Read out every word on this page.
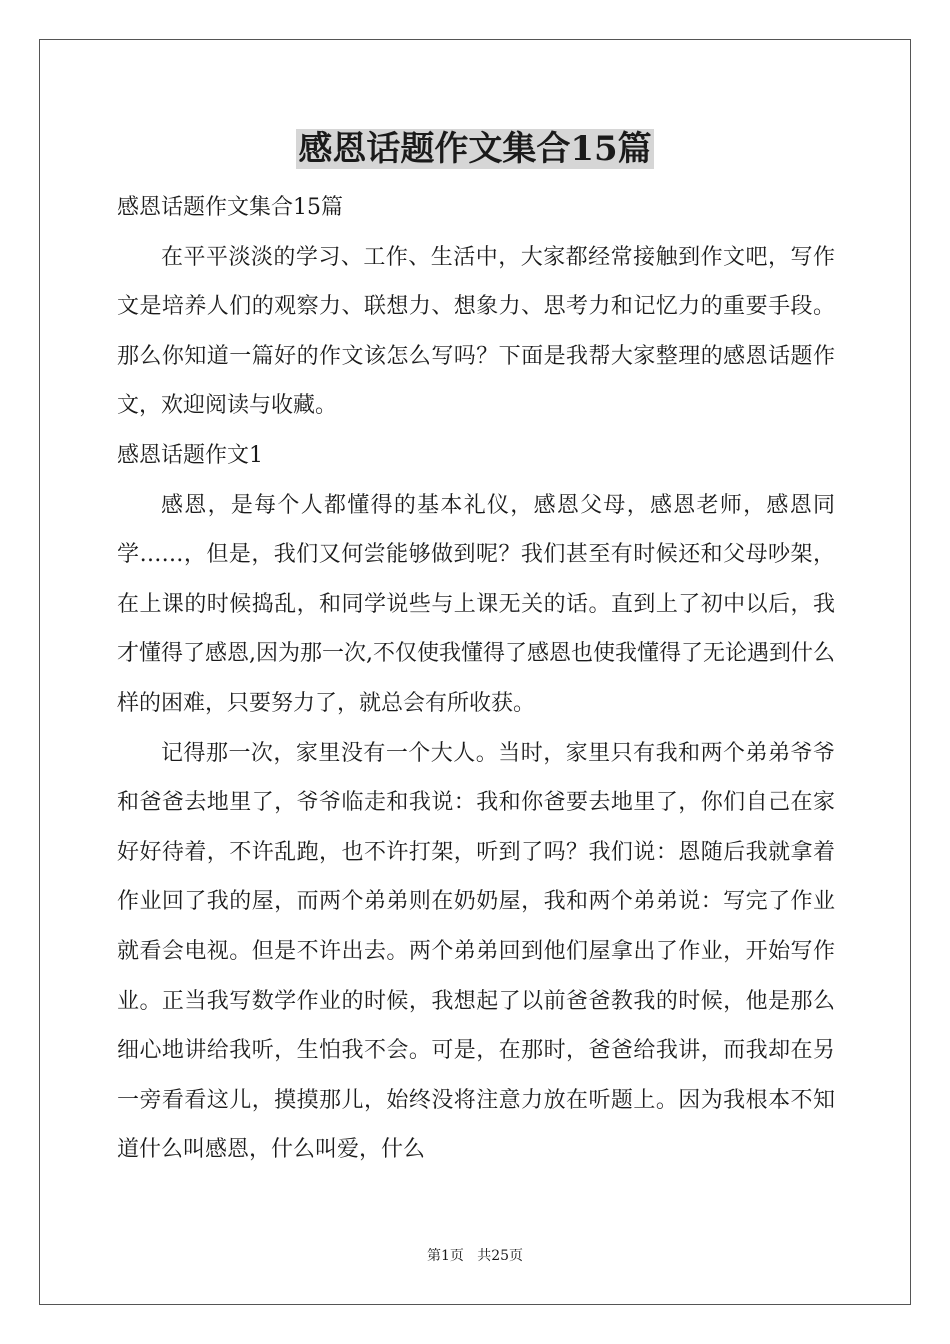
感恩话题作文集合15篇

感恩话题作文集合15篇

在平平淡淡的学习、工作、生活中，大家都经常接触到作文吧，写作文是培养人们的观察力、联想力、想象力、思考力和记忆力的重要手段。那么你知道一篇好的作文该怎么写吗？下面是我帮大家整理的感恩话题作文，欢迎阅读与收藏。

感恩话题作文1

感恩，是每个人都懂得的基本礼仪，感恩父母，感恩老师，感恩同学……，但是，我们又何尝能够做到呢？我们甚至有时候还和父母吵架，在上课的时候捣乱，和同学说些与上课无关的话。直到上了初中以后，我才懂得了感恩,因为那一次,不仅使我懂得了感恩也使我懂得了无论遇到什么样的困难，只要努力了，就总会有所收获。

记得那一次，家里没有一个大人。当时，家里只有我和两个弟弟爷爷和爸爸去地里了，爷爷临走和我说：我和你爸要去地里了，你们自己在家好好待着，不许乱跑，也不许打架，听到了吗？我们说：恩随后我就拿着作业回了我的屋，而两个弟弟则在奶奶屋，我和两个弟弟说：写完了作业就看会电视。但是不许出去。两个弟弟回到他们屋拿出了作业，开始写作业。正当我写数学作业的时候，我想起了以前爸爸教我的时候，他是那么细心地讲给我听，生怕我不会。可是，在那时，爸爸给我讲，而我却在另一旁看看这儿，摸摸那儿，始终没将注意力放在听题上。因为我根本不知道什么叫感恩，什么叫爱，什么

第1页   共25页
